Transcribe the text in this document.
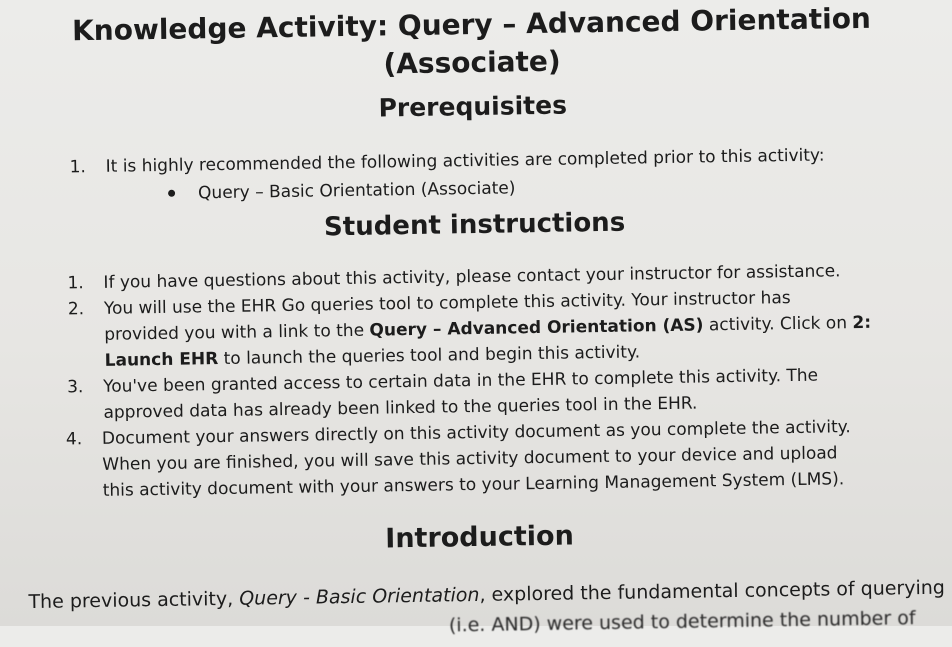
Knowledge Activity: Query – Advanced Orientation (Associate)
Prerequisites
1.	It is highly recommended the following activities are completed prior to this activity:
Query – Basic Orientation (Associate)
Student instructions
1.	If you have questions about this activity, please contact your instructor for assistance.
2.	You will use the EHR Go queries tool to complete this activity. Your instructor has
provided you with a link to the Query – Advanced Orientation (AS) activity. Click on 2:
Launch EHR to launch the queries tool and begin this activity.
3.	You've been granted access to certain data in the EHR to complete this activity. The
approved data has already been linked to the queries tool in the EHR.
4.	Document your answers directly on this activity document as you complete the activity.
When you are finished, you will save this activity document to your device and upload
this activity document with your answers to your Learning Management System (LMS).
Introduction

The previous activity, Query - Basic Orientation, explored the fundamental concepts of querying
(i.e. AND) were used to determine the number of
